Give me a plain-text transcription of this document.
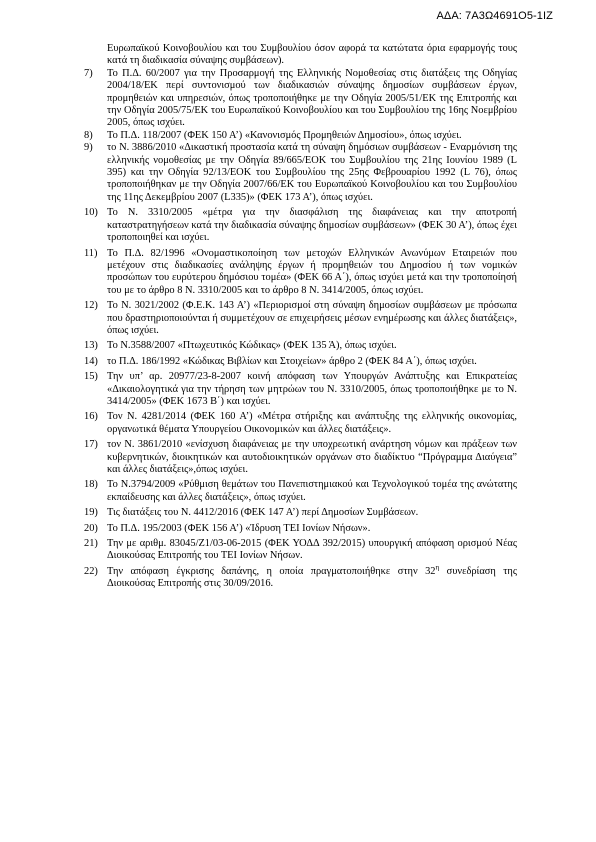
ΑΔΑ: 7Α3Ω4691Ο5-1ΙΖ

Ευρωπαϊκού Κοινοβουλίου και του Συμβουλίου όσον αφορά τα κατώτατα όρια εφαρμογής τους κατά τη διαδικασία σύναψης συμβάσεων).

7) Το Π.Δ. 60/2007 για την Προσαρμογή της Ελληνικής Νομοθεσίας στις διατάξεις της Οδηγίας 2004/18/ΕΚ περί συντονισμού των διαδικασιών σύναψης δημοσίων συμβάσεων έργων, προμηθειών και υπηρεσιών, όπως τροποποιήθηκε με την Οδηγία 2005/51/ΕΚ της Επιτροπής και την Οδηγία 2005/75/ΕΚ του Ευρωπαϊκού Κοινοβουλίου και του Συμβουλίου της 16ης Νοεμβρίου 2005, όπως ισχύει.

8) Το Π.Δ. 118/2007 (ΦΕΚ 150 Α’) «Κανονισμός Προμηθειών Δημοσίου», όπως ισχύει.

9) το Ν. 3886/2010 «Δικαστική προστασία κατά τη σύναψη δημόσιων συμβάσεων - Εναρμόνιση της ελληνικής νομοθεσίας με την Οδηγία 89/665/ΕΟΚ του Συμβουλίου της 21ης Ιουνίου 1989 (L 395) και την Οδηγία 92/13/ΕΟΚ του Συμβουλίου της 25ης Φεβρουαρίου 1992 (L 76), όπως τροποποιήθηκαν με την Οδηγία 2007/66/ΕΚ του Ευρωπαϊκού Κοινοβουλίου και του Συμβουλίου της 11ης Δεκεμβρίου 2007 (L335)» (ΦΕΚ 173 Α’), όπως ισχύει.

10) Το Ν. 3310/2005 «μέτρα για την διασφάλιση της διαφάνειας και την αποτροπή καταστρατηγήσεων κατά την διαδικασία σύναψης δημοσίων συμβάσεων» (ΦΕΚ 30 Α’), όπως έχει τροποποιηθεί και ισχύει.

11) Το Π.Δ. 82/1996 «Ονομαστικοποίηση των μετοχών Ελληνικών Ανωνύμων Εταιρειών που μετέχουν στις διαδικασίες ανάληψης έργων ή προμηθειών του Δημοσίου ή των νομικών προσώπων του ευρύτερου δημόσιου τομέα» (ΦΕΚ 66 Α΄), όπως ισχύει μετά και την τροποποίησή του με το άρθρο 8 Ν. 3310/2005 και το άρθρο 8 Ν. 3414/2005, όπως ισχύει.

12) Το Ν. 3021/2002 (Φ.Ε.Κ. 143 Α’) «Περιορισμοί στη σύναψη δημοσίων συμβάσεων με πρόσωπα που δραστηριοποιούνται ή συμμετέχουν σε επιχειρήσεις μέσων ενημέρωσης και άλλες διατάξεις», όπως ισχύει.

13) Το Ν.3588/2007 «Πτωχευτικός Κώδικας» (ΦΕΚ 135 Ά), όπως ισχύει.

14) το Π.Δ. 186/1992 «Κώδικας Βιβλίων και Στοιχείων» άρθρο 2 (ΦΕΚ 84 Α΄), όπως ισχύει.

15) Την υπ’ αρ. 20977/23-8-2007 κοινή απόφαση των Υπουργών Ανάπτυξης και Επικρατείας «Δικαιολογητικά για την τήρηση των μητρώων του Ν. 3310/2005, όπως τροποποιήθηκε με το Ν. 3414/2005» (ΦΕΚ 1673 Β΄) και ισχύει.

16) Τον Ν. 4281/2014 (ΦΕΚ 160 Α’) «Μέτρα στήριξης και ανάπτυξης της ελληνικής οικονομίας, οργανωτικά θέματα Υπουργείου Οικονομικών και άλλες διατάξεις».

17) τον Ν. 3861/2010 «ενίσχυση διαφάνειας με την υποχρεωτική ανάρτηση νόμων και πράξεων των κυβερνητικών, διοικητικών και αυτοδιοικητικών οργάνων στο διαδίκτυο “Πρόγραμμα Διαύγεια” και άλλες διατάξεις»,όπως ισχύει.

18) Το Ν.3794/2009 «Ρύθμιση θεμάτων του Πανεπιστημιακού και Τεχνολογικού τομέα της ανώτατης εκπαίδευσης και άλλες διατάξεις», όπως ισχύει.

19) Τις διατάξεις του Ν. 4412/2016 (ΦΕΚ 147 Α’) περί Δημοσίων Συμβάσεων.

20) Το Π.Δ. 195/2003 (ΦΕΚ 156 Α’) «Ίδρυση ΤΕΙ Ιονίων Νήσων».

21) Την με αριθμ. 83045/Ζ1/03-06-2015 (ΦΕΚ ΥΟΔΔ 392/2015) υπουργική απόφαση ορισμού Νέας Διοικούσας Επιτροπής του ΤΕΙ Ιονίων Νήσων.

22) Την απόφαση έγκρισης δαπάνης, η οποία πραγματοποιήθηκε στην $32^\eta$ συνεδρίαση της Διοικούσας Επιτροπής στις 30/09/2016.
